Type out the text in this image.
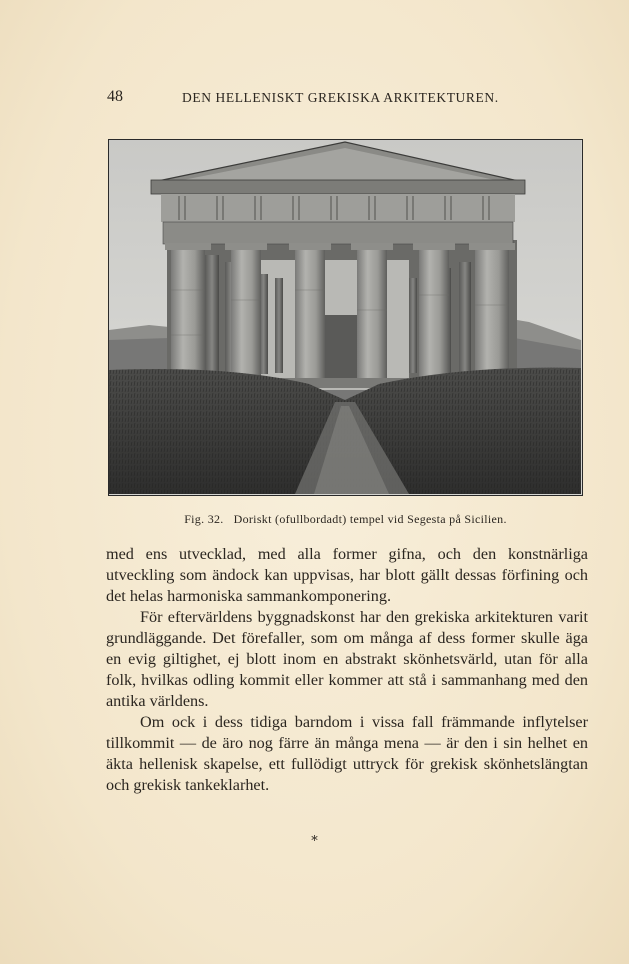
48	DEN HELLENISKT GREKISKA ARKITEKTUREN.
Fig. 32. Doriskt (ofullbordadt) tempel vid Segesta på Sicilien.

med ens utvecklad, med alla former gifna, och den konstnärliga utveckling som ändock kan uppvisas, har blott gällt dessas förfining och det helas harmoniska sammankomponering.

För eftervärldens byggnadskonst har den grekiska arkitekturen varit grundläggande. Det förefaller, som om många af dess former skulle äga en evig giltighet, ej blott inom en abstrakt skönhetsvärld, utan för alla folk, hvilkas odling kommit eller kommer att stå i sammanhang med den antika världens.

Om ock i dess tidiga barndom i vissa fall främmande inflytelser tillkommit — de äro nog färre än många mena — är den i sin helhet en äkta hellenisk skapelse, ett fullödigt uttryck för grekisk skönhetslängtan och grekisk tankeklarhet.

*
